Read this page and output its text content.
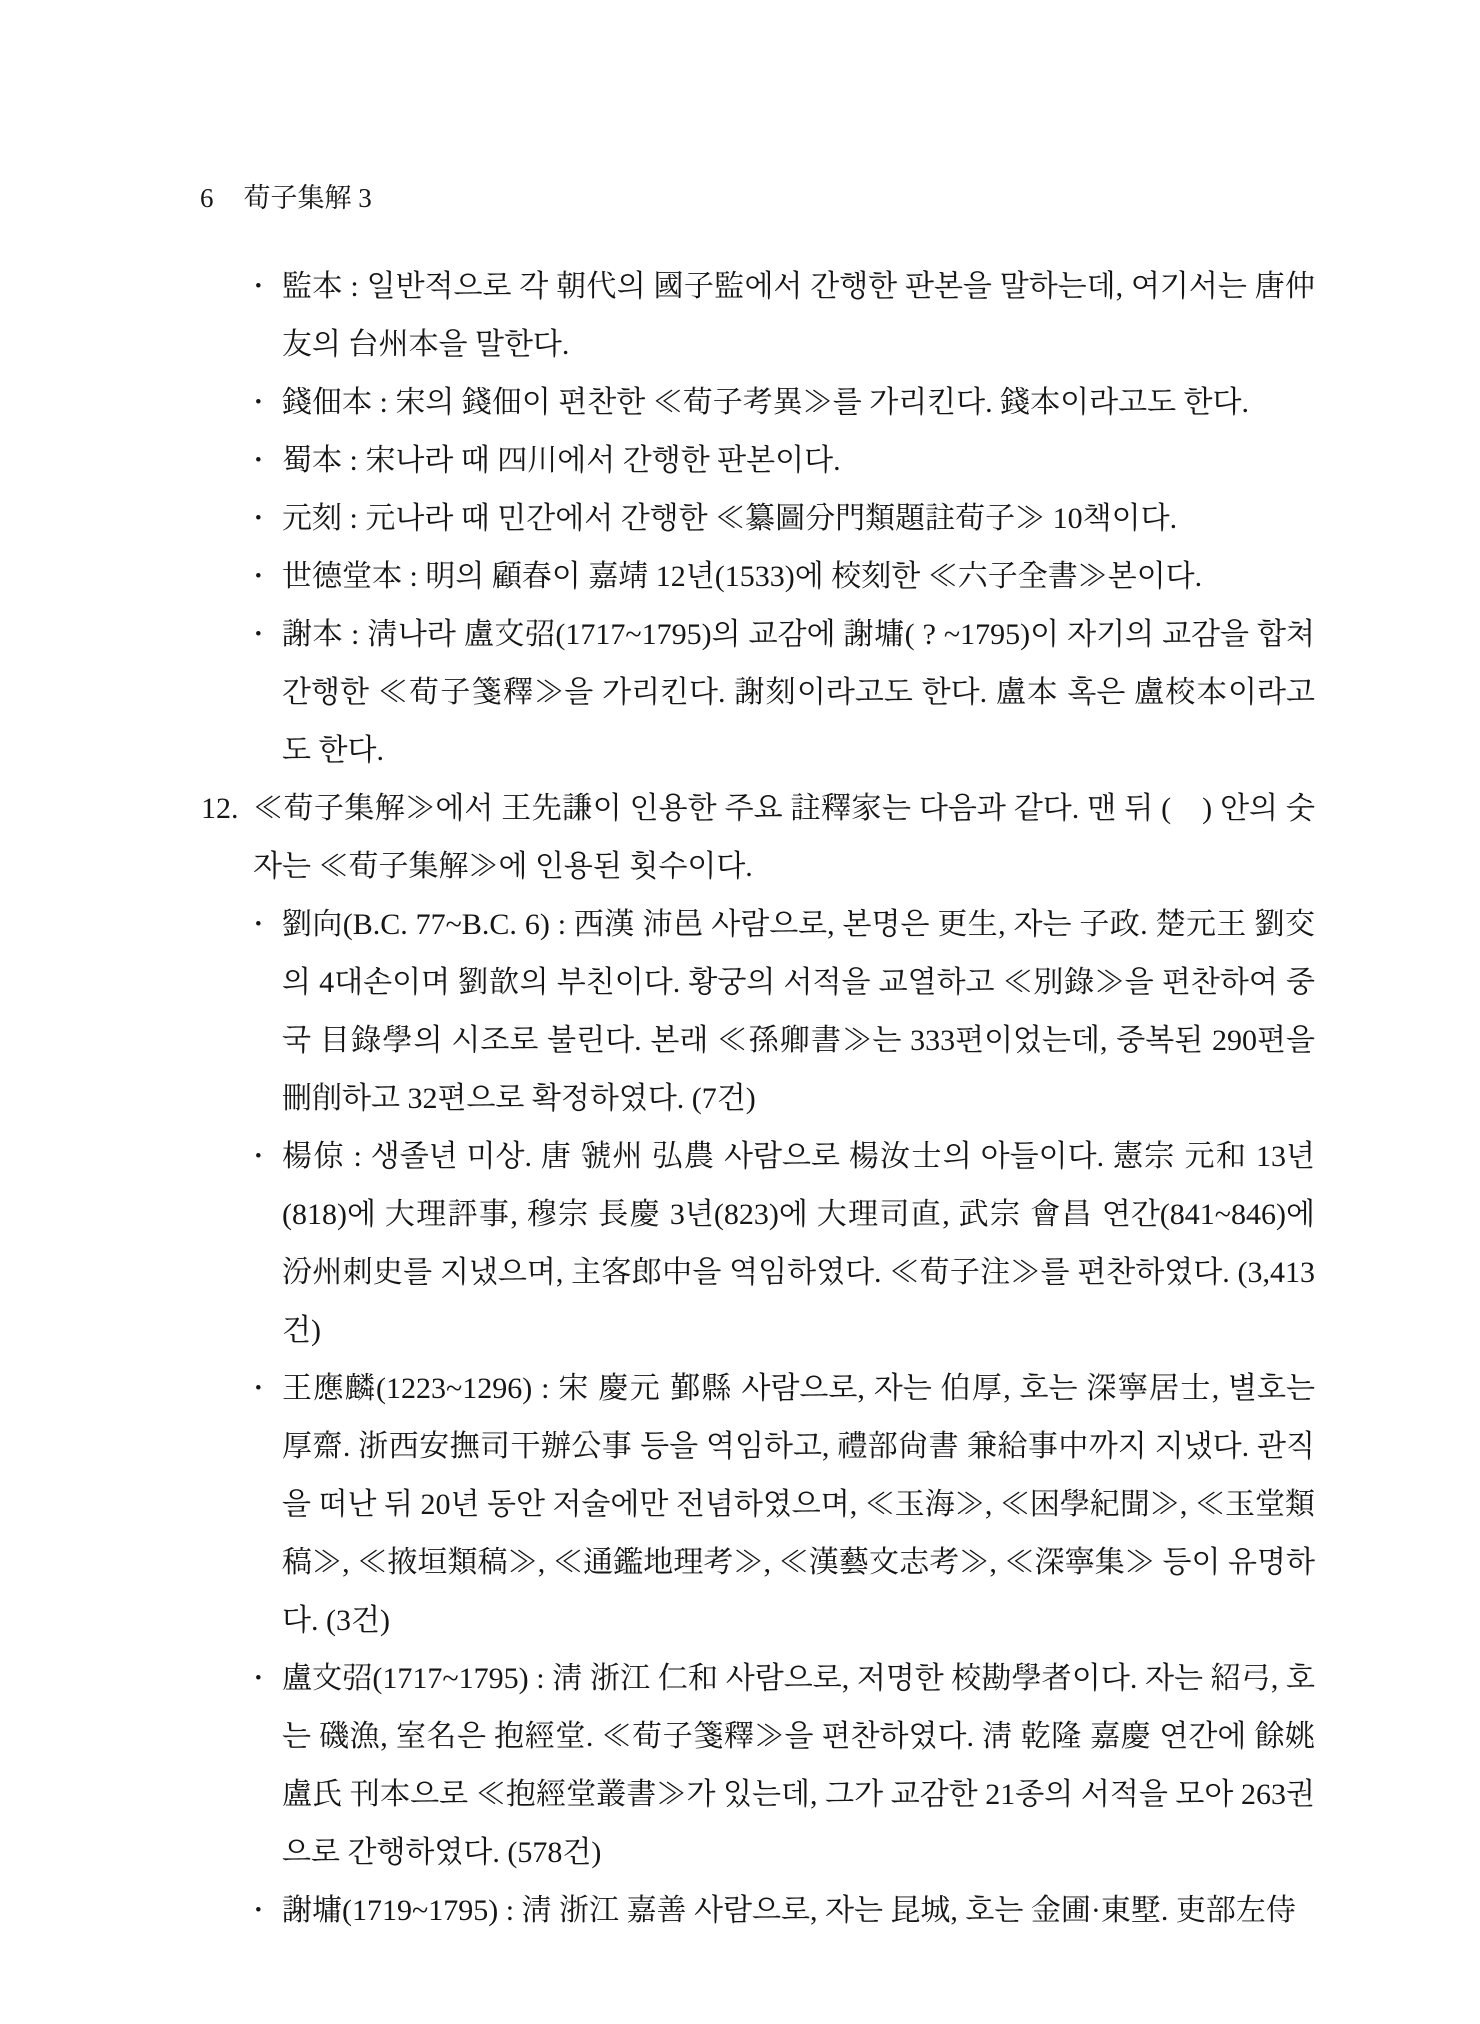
6 荀子集解 3
• 監本 : 일반적으로 각 朝代의 國子監에서 간행한 판본을 말하는데, 여기서는 唐仲友의 台州本을 말한다.
• 錢佃本 : 宋의 錢佃이 편찬한 ≪荀子考異≫를 가리킨다. 錢本이라고도 한다.
• 蜀本 : 宋나라 때 四川에서 간행한 판본이다.
• 元刻 : 元나라 때 민간에서 간행한 ≪纂圖分門類題註荀子≫ 10책이다.
• 世德堂本 : 明의 顧春이 嘉靖 12년(1533)에 校刻한 ≪六子全書≫본이다.
• 謝本 : 淸나라 盧文弨(1717~1795)의 교감에 謝墉( ? ~1795)이 자기의 교감을 합쳐 간행한 ≪荀子箋釋≫을 가리킨다. 謝刻이라고도 한다. 盧本 혹은 盧校本이라고도 한다.
12. ≪荀子集解≫에서 王先謙이 인용한 주요 註釋家는 다음과 같다. 맨 뒤 (　) 안의 숫자는 ≪荀子集解≫에 인용된 횟수이다.
• 劉向(B.C. 77~B.C. 6) : 西漢 沛邑 사람으로, 본명은 更生, 자는 子政. 楚元王 劉交의 4대손이며 劉歆의 부친이다. 황궁의 서적을 교열하고 ≪別錄≫을 편찬하여 중국 目錄學의 시조로 불린다. 본래 ≪孫卿書≫는 333편이었는데, 중복된 290편을 刪削하고 32편으로 확정하였다. (7건)
• 楊倞 : 생졸년 미상. 唐 虢州 弘農 사람으로 楊汝士의 아들이다. 憲宗 元和 13년(818)에 大理評事, 穆宗 長慶 3년(823)에 大理司直, 武宗 會昌 연간(841~846)에 汾州刺史를 지냈으며, 主客郞中을 역임하였다. ≪荀子注≫를 편찬하였다. (3,413건)
• 王應麟(1223~1296) : 宋 慶元 鄞縣 사람으로, 자는 伯厚, 호는 深寧居士, 별호는 厚齋. 浙西安撫司干辦公事 등을 역임하고, 禮部尙書 兼給事中까지 지냈다. 관직을 떠난 뒤 20년 동안 저술에만 전념하였으며, ≪玉海≫, ≪困學紀聞≫, ≪玉堂類稿≫, ≪掖垣類稿≫, ≪通鑑地理考≫, ≪漢藝文志考≫, ≪深寧集≫ 등이 유명하다. (3건)
• 盧文弨(1717~1795) : 淸 浙江 仁和 사람으로, 저명한 校勘學者이다. 자는 紹弓, 호는 磯漁, 室名은 抱經堂. ≪荀子箋釋≫을 편찬하였다. 淸 乾隆 嘉慶 연간에 餘姚 盧氏 刊本으로 ≪抱經堂叢書≫가 있는데, 그가 교감한 21종의 서적을 모아 263권으로 간행하였다. (578건)
• 謝墉(1719~1795) : 淸 浙江 嘉善 사람으로, 자는 昆城, 호는 金圃·東墅. 吏部左侍
